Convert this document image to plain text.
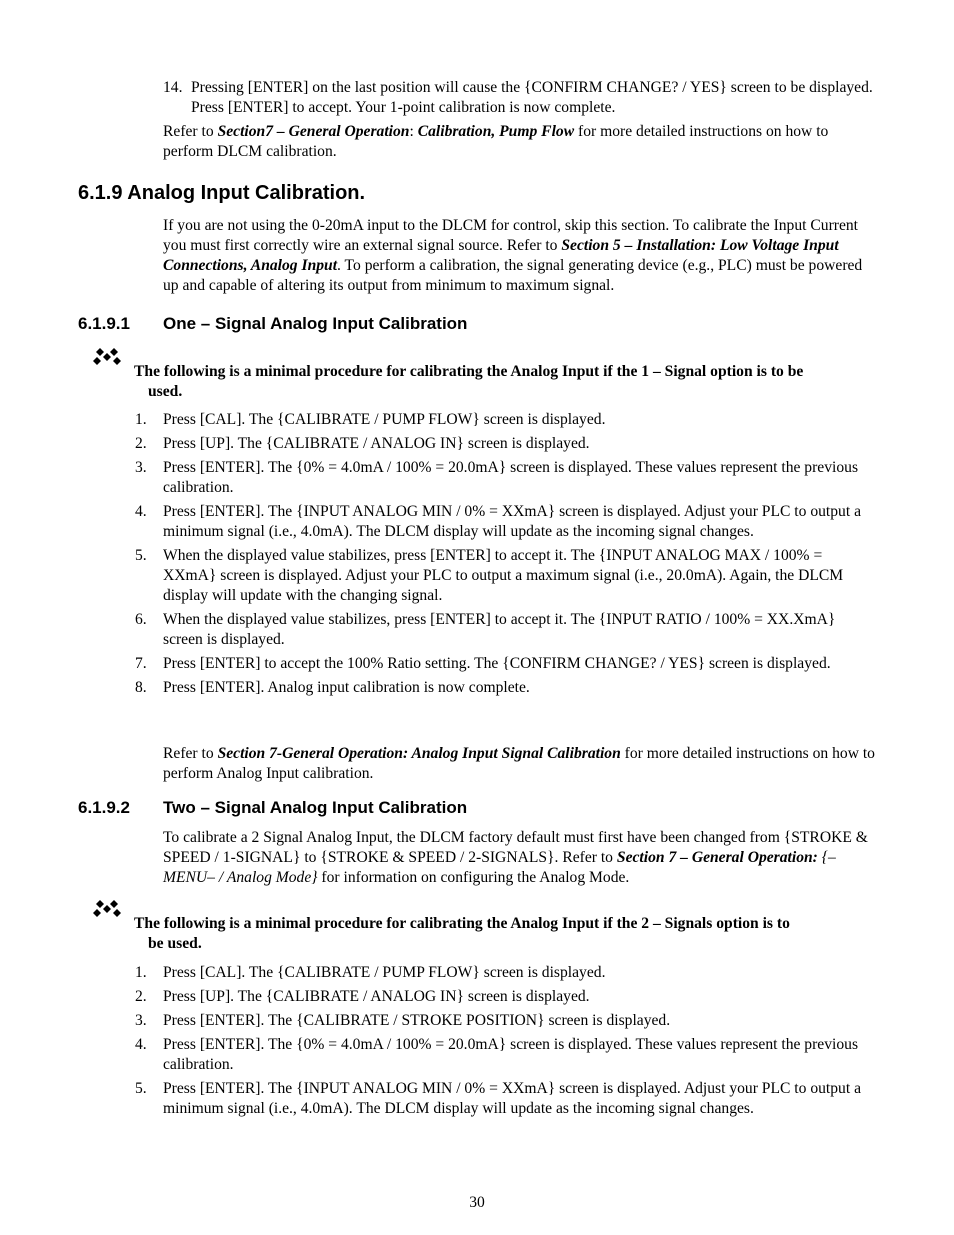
14. Pressing [ENTER] on the last position will cause the {CONFIRM CHANGE? / YES} screen to be displayed. Press [ENTER] to accept. Your 1-point calibration is now complete.

Refer to Section7 – General Operation: Calibration, Pump Flow for more detailed instructions on how to perform DLCM calibration.

6.1.9 Analog Input Calibration.

If you are not using the 0-20mA input to the DLCM for control, skip this section. To calibrate the Input Current you must first correctly wire an external signal source. Refer to Section 5 – Installation: Low Voltage Input Connections, Analog Input. To perform a calibration, the signal generating device (e.g., PLC) must be powered up and capable of altering its output from minimum to maximum signal.

6.1.9.1 One – Signal Analog Input Calibration
The following is a minimal procedure for calibrating the Analog Input if the 1 – Signal option is to be
used.
1. Press [CAL]. The {CALIBRATE / PUMP FLOW} screen is displayed.
2. Press [UP]. The {CALIBRATE / ANALOG IN} screen is displayed.
3. Press [ENTER]. The {0% = 4.0mA / 100% = 20.0mA} screen is displayed. These values represent the previous calibration.
4. Press [ENTER]. The {INPUT ANALOG MIN / 0% = XXmA} screen is displayed. Adjust your PLC to output a minimum signal (i.e., 4.0mA). The DLCM display will update as the incoming signal changes.
5. When the displayed value stabilizes, press [ENTER] to accept it. The {INPUT ANALOG MAX / 100% = XXmA} screen is displayed. Adjust your PLC to output a maximum signal (i.e., 20.0mA). Again, the DLCM display will update with the changing signal.
6. When the displayed value stabilizes, press [ENTER] to accept it. The {INPUT RATIO / 100% = XX.XmA} screen is displayed.
7. Press [ENTER] to accept the 100% Ratio setting. The {CONFIRM CHANGE? / YES} screen is displayed.
8. Press [ENTER]. Analog input calibration is now complete.

Refer to Section 7-General Operation: Analog Input Signal Calibration for more detailed instructions on how to perform Analog Input calibration.

6.1.9.2 Two – Signal Analog Input Calibration

To calibrate a 2 Signal Analog Input, the DLCM factory default must first have been changed from {STROKE & SPEED / 1-SIGNAL} to {STROKE & SPEED / 2-SIGNALS}. Refer to Section 7 – General Operation: {–MENU– / Analog Mode} for information on configuring the Analog Mode.

The following is a minimal procedure for calibrating the Analog Input if the 2 – Signals option is to
be used.
1. Press [CAL]. The {CALIBRATE / PUMP FLOW} screen is displayed.
2. Press [UP]. The {CALIBRATE / ANALOG IN} screen is displayed.
3. Press [ENTER]. The {CALIBRATE / STROKE POSITION} screen is displayed.
4. Press [ENTER]. The {0% = 4.0mA / 100% = 20.0mA} screen is displayed. These values represent the previous calibration.
5. Press [ENTER]. The {INPUT ANALOG MIN / 0% = XXmA} screen is displayed. Adjust your PLC to output a minimum signal (i.e., 4.0mA). The DLCM display will update as the incoming signal changes.
30
